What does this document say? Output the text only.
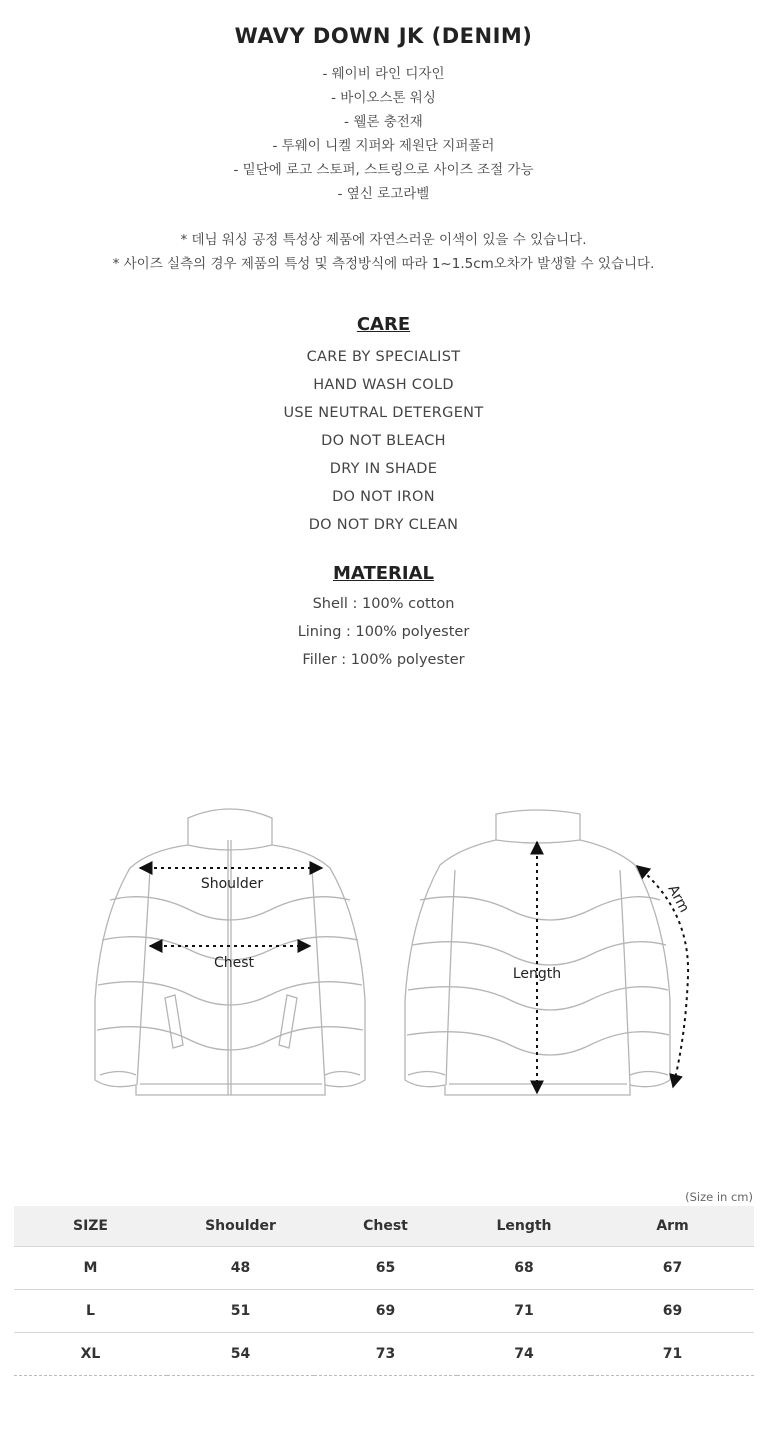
WAVY DOWN JK (DENIM)
- 웨이비 라인 디자인
- 바이오스톤 워싱
- 웰론 충전재
- 투웨이 니켈 지퍼와 제원단 지퍼풀러
- 밑단에 로고 스토퍼, 스트링으로 사이즈 조절 가능
- 옆신 로고라벨
* 데님 워싱 공정 특성상 제품에 자연스러운 이색이 있을 수 있습니다.
* 사이즈 실측의 경우 제품의 특성 및 측정방식에 따라 1~1.5cm오차가 발생할 수 있습니다.
CARE
CARE BY SPECIALIST
HAND WASH COLD
USE NEUTRAL DETERGENT
DO NOT BLEACH
DRY IN SHADE
DO NOT IRON
DO NOT DRY CLEAN
MATERIAL
Shell : 100% cotton
Lining : 100% polyester
Filler : 100% polyester
Shoulder
Chest
Length
Arm
(Size in cm)
SIZE	Shoulder	Chest	Length	Arm
M	48	65	68	67
L	51	69	71	69
XL	54	73	74	71
